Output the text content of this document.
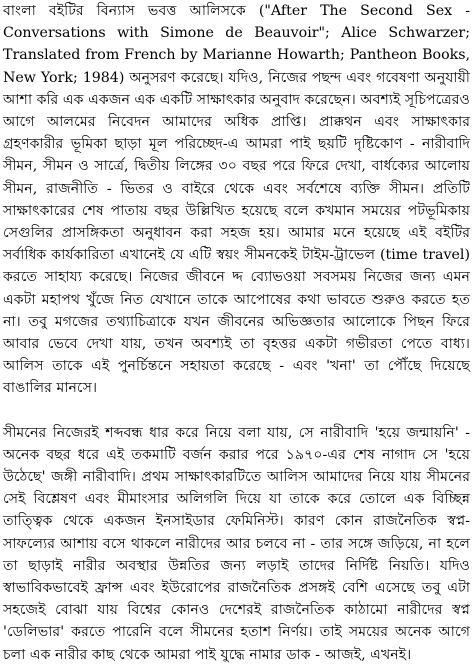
বাংলা বইটির বিন্যাস ভবত্ত আলিসকে ("After The Second Sex - Conversations with Simone de Beauvoir"; Alice Schwarzer; Translated from French by Marianne Howarth; Pantheon Books, New York; 1984) অনুসরণ করেছে। যদিও, নিজের পছন্দ এবং গবেষণা অনুযায়ী আশা করি এক একজন এক একটি সাক্ষাৎকার অনুবাদ করেছেন। অবশ্যই সূচিপত্রেরও আগে আলমের নিবেদন আমাদের অধিক প্রাপ্তি। প্রাক্কথন এবং সাক্ষাৎকার গ্রহণকারীর ভূমিকা ছাড়া মূল পরিচ্ছেদ-এ আমরা পাই ছয়টি দৃষ্টিকোণ - নারীবাদি সীমন, সীমন ও সার্ত্রে, দ্বিতীয় লিঙ্গের ৩০ বছর পরে ফিরে দেখা, বার্ধক্যের আলোয় সীমন, রাজনীতি - ভিতর ও বাইরে থেকে এবং সর্বশেষে ব্যক্তি সীমন। প্রতিটি সাক্ষাৎকারের শেষ পাতায় বছর উল্লিখিত হয়েছে বলে কখমান সময়ের পটভূমিকায় সেগুলির প্রাসঙ্গিকতা অনুধাবন করা সহজ হয়। আমার মনে হয়েছে এই বইটির সর্বাধিক কার্যকারিতা এখানেই যে এটি স্বয়ং সীমনকেই টাইম-ট্রাভেল (time travel) করতে সাহায্য করেছে। নিজের জীবনে দ্দ ব্যোভওয়া সবসময় নিজের জন্য এমন একটা মহাপথ খুঁজে নিত যেখানে তাকে আপোষের কথা ভাবতে শুরুও করতে হত না। তবু মগজের তথ্যাচিত্রাকে যখন জীবনের অভিজ্ঞতার আলোকে পিছন ফিরে আবার ভেবে দেখা যায়, তখন অবশ্যই তা বৃহত্তর একটা গভীরতা পেতে বাধ্য। আলিস তাকে এই পুনর্চিন্তনে সহায়তা করেছে - এবং 'খনা' তা পৌঁছে দিয়েছে বাঙালির মানসে।

সীমনের নিজেরই শব্দবন্ধ ধার করে নিয়ে বলা যায়, সে নারীবাদি 'হয়ে জন্মায়নি' - অনেক বছর ধরে এই তকমাটি বর্জন করার পরে ১৯৭০-এর শেষ নাগাদ সে 'হয়ে উঠেছে' জঙ্গী নারীবাদি। প্রথম সাক্ষাৎকারটিতে আলিস আমাদের নিয়ে যায় সীমনের সেই বিশ্লেষণ এবং মীমাংসার অলিগলি দিয়ে যা তাকে করে তোলে এক বিচ্ছিন্ন তাত্ত্বিক থেকে একজন ইনসাইডার ফেমিনিস্ট। কারণ কোন রাজনৈতিক স্বপ্ন-সাফল্যের আশায় বসে থাকলে নারীদের আর চলবে না - তার সঙ্গে জড়িয়ে, না হলে তা ছাড়াই নারীর অবস্থার উন্নতির জন্য লড়াই তাদের নির্দিষ্ট নিয়তি। যদিও স্বাভাবিকভাবেই ফ্রান্স এবং ইউরোপের রাজনৈতিক প্রসঙ্গই বেশি এসেছে তবু এটা সহজেই বোঝা যায় বিশ্বের কোনও দেশেরই রাজনৈতিক কাঠামো নারীদের স্বপ্ন 'ডেলিভার' করতে পারেনি বলে সীমনের হতাশ নির্ণয়। তাই সময়ের অনেক আগে চলা এক নারীর কাছ থেকে আমরা পাই যুদ্ধে নামার ডাক - আজই, এখনই।
